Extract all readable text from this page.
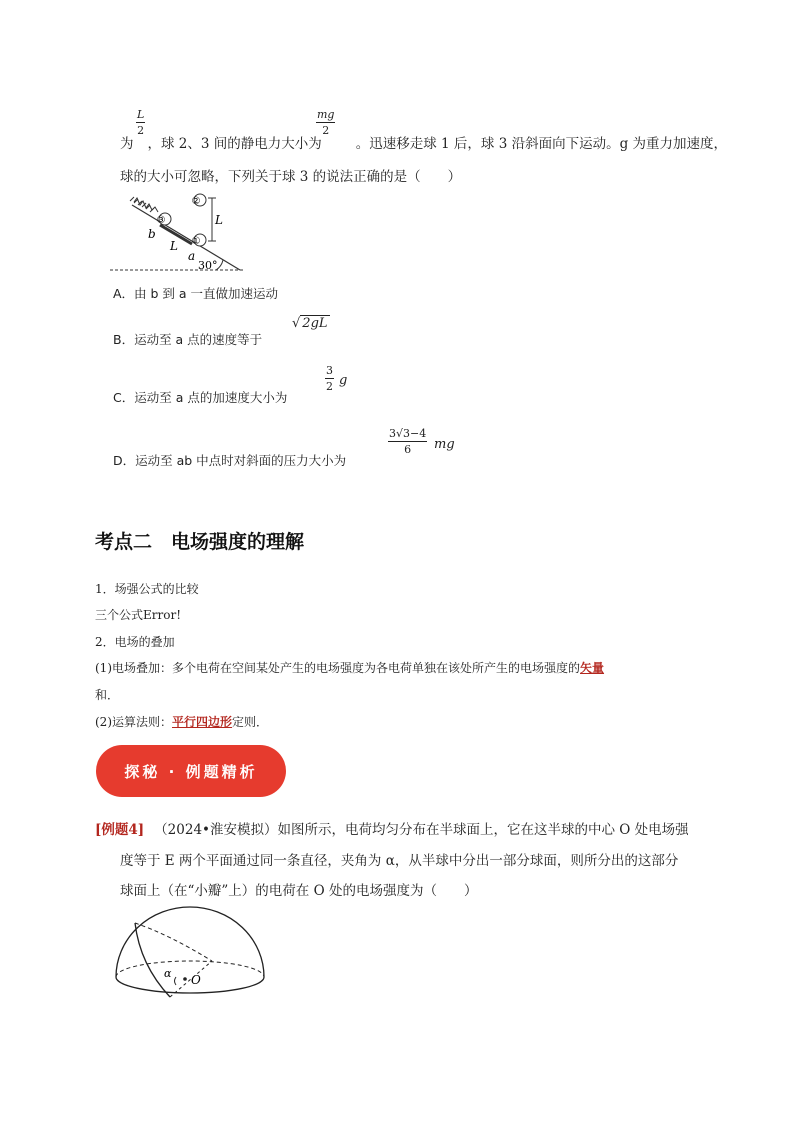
L
2
为 ，球 2、3 间的静电力大小为	。迅速移走球 1 后，球 3 沿斜面向下运动。g 为重力加速度，
mg
2
球的大小可忽略，下列关于球 3 的说法正确的是（　　）
②
③
①
b
a
L
L
30°
A．由 b 到 a 一直做加速运动
B．运动至 a 点的速度等于
√ 2gL
C．运动至 a 点的加速度大小为
3
2 g
D．运动至 ab 中点时对斜面的压力大小为
3√3−4
6	mg
考点二　电场强度的理解
1．场强公式的比较
三个公式Error!
2．电场的叠加
(1)电场叠加：多个电荷在空间某处产生的电场强度为各电荷单独在该处所产生的电场强度的矢量
和．
(2)运算法则：平行四边形定则．
探秘 · 例题精析
[例题4] （2024•淮安模拟）如图所示，电荷均匀分布在半球面上，它在这半球的中心 O 处电场强
度等于 E 两个平面通过同一条直径，夹角为 α，从半球中分出一部分球面，则所分出的这部分
球面上（在“小瓣”上）的电荷在 O 处的电场强度为（　　）
α O
